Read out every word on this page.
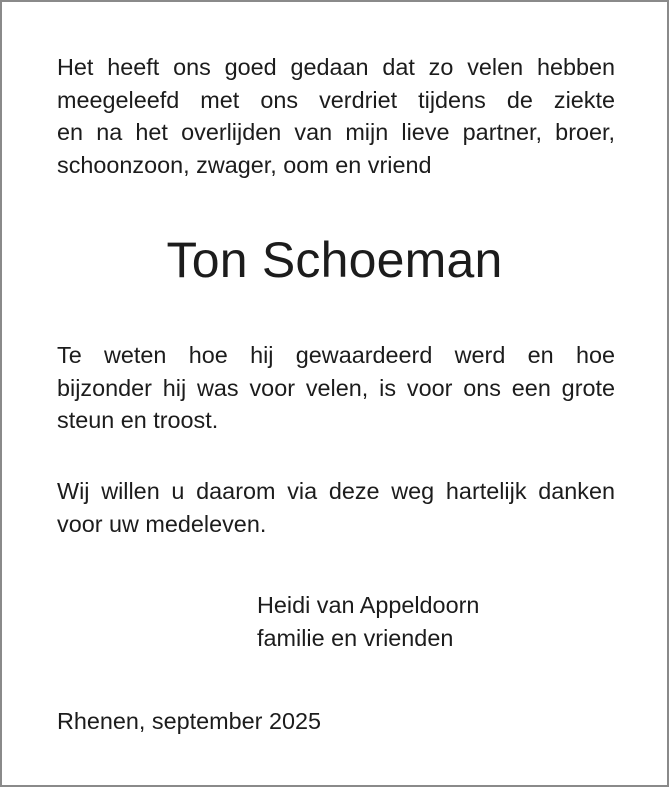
Het heeft ons goed gedaan dat zo velen hebben
meegeleefd met ons verdriet tijdens de ziekte
en na het overlijden van mijn lieve partner, broer,
schoonzoon, zwager, oom en vriend

Ton Schoeman

Te weten hoe hij gewaardeerd werd en hoe
bijzonder hij was voor velen, is voor ons een grote
steun en troost.

Wij willen u daarom via deze weg hartelijk danken
voor uw medeleven.

Heidi van Appeldoorn
familie en vrienden

Rhenen, september 2025
